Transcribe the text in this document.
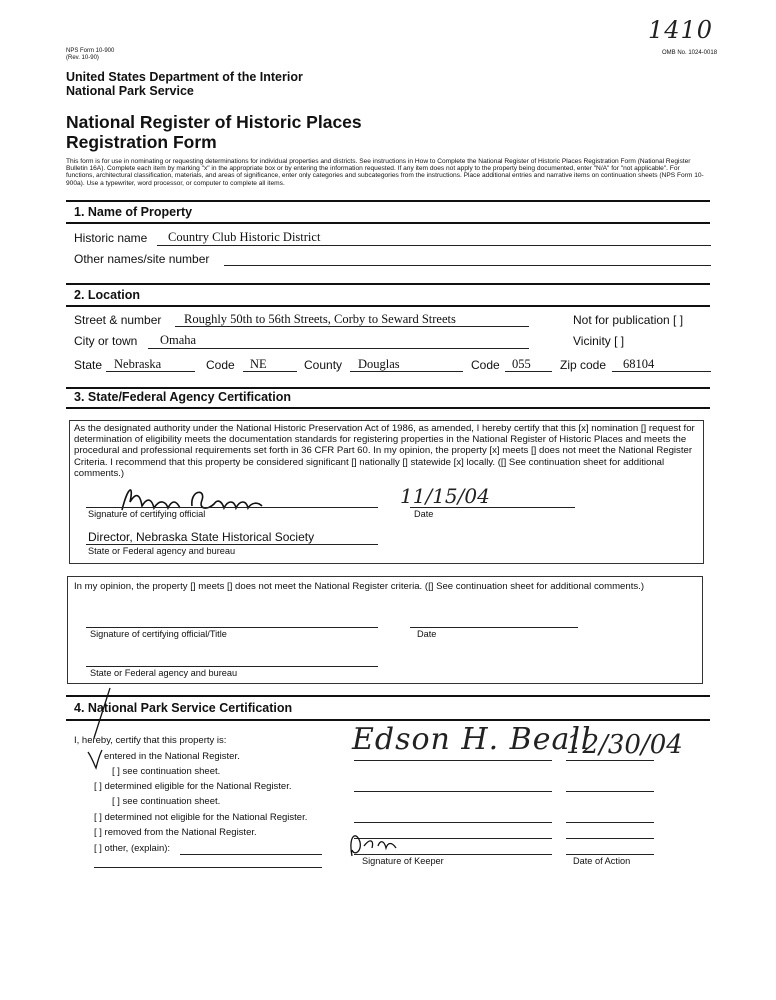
NPS Form 10-900
(Rev. 10-90)
OMB No. 1024-0018
1410
United States Department of the Interior
National Park Service
National Register of Historic Places
Registration Form
This form is for use in nominating or requesting determinations for individual properties and districts. See instructions in How to Complete the National Register of Historic Places Registration Form (National Register Bulletin 16A). Complete each item by marking "x" in the appropriate box or by entering the information requested. If any item does not apply to the property being documented, enter "N/A" for "not applicable". For functions, architectural classification, materials, and areas of significance, enter only categories and subcategories from the instructions. Place additional entries and narrative items on continuation sheets (NPS Form 10-900a). Use a typewriter, word processor, or computer to complete all items.
1. Name of Property
Historic name Country Club Historic District
Other names/site number
2. Location
Street & number Roughly 50th to 56th Streets, Corby to Seward Streets	Not for publication [ ]
City or town Omaha	Vicinity [ ]
State Nebraska	Code NE	County Douglas	Code 055 Zip code 68104
3. State/Federal Agency Certification
As the designated authority under the National Historic Preservation Act of 1986, as amended, I hereby certify that this [x] nomination [] request for determination of eligibility meets the documentation standards for registering properties in the National Register of Historic Places and meets the procedural and professional requirements set forth in 36 CFR Part 60. In my opinion, the property [x] meets [] does not meet the National Register Criteria. I recommend that this property be considered significant [] nationally [] statewide [x] locally. ([] See continuation sheet for additional comments.)
11/15/04
Signature of certifying official	Date
Director, Nebraska State Historical Society
State or Federal agency and bureau
In my opinion, the property [] meets [] does not meet the National Register criteria. ([] See continuation sheet for additional comments.)
Signature of certifying official/Title	Date
State or Federal agency and bureau
4. National Park Service Certification
I, hereby, certify that this property is:
entered in the National Register.
[ ] see continuation sheet.
[ ] determined eligible for the National Register.
[ ] see continuation sheet.
[ ] determined not eligible for the National Register.
[ ] removed from the National Register.
[ ] other, (explain):
Edson H. Beall
12/30/04
Signature of Keeper	Date of Action
